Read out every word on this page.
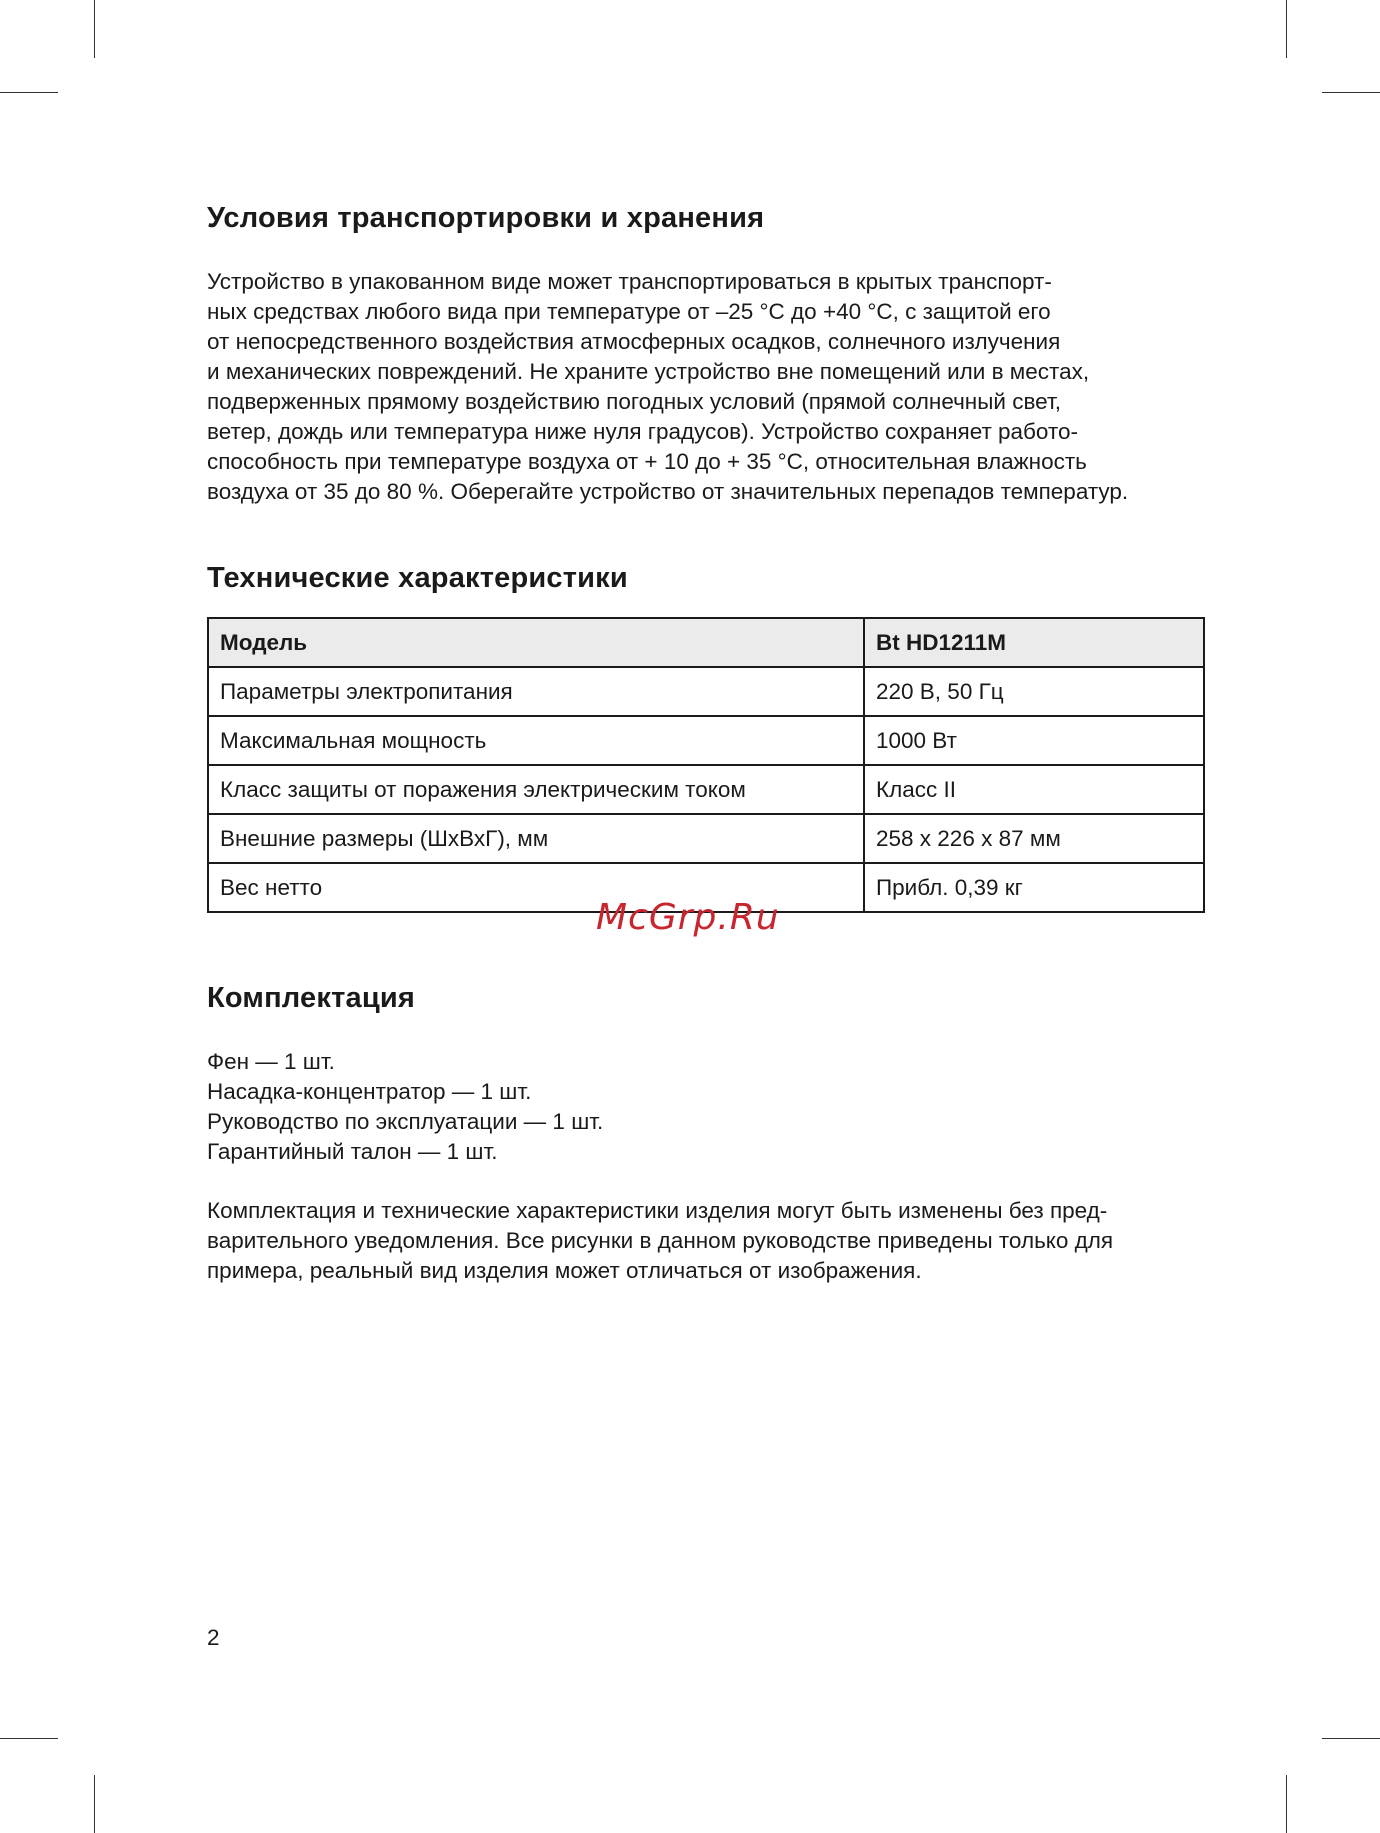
Условия транспортировки и хранения
Устройство в упакованном виде может транспортироваться в крытых транспорт-
ных средствах любого вида при температуре от –25 °C до +40 °C, с защитой его
от непосредственного воздействия атмосферных осадков, солнечного излучения
и механических повреждений. Не храните устройство вне помещений или в местах,
подверженных прямому воздействию погодных условий (прямой солнечный свет,
ветер, дождь или температура ниже нуля градусов). Устройство сохраняет работо-
способность при температуре воздуха от + 10 до + 35 °C, относительная влажность
воздуха от 35 до 80 %. Оберегайте устройство от значительных перепадов температур.
Технические характеристики
Модель	Bt HD1211M
Параметры электропитания	220 В, 50 Гц
Максимальная мощность	1000 Вт
Класс защиты от поражения электрическим током	Класс II
Внешние размеры (ШхВхГ), мм	258 x 226 x 87 мм
Вес нетто	Прибл. 0,39 кг
Комплектация
Фен — 1 шт.
Насадка-концентратор — 1 шт.
Руководство по эксплуатации — 1 шт.
Гарантийный талон — 1 шт.
Комплектация и технические характеристики изделия могут быть изменены без пред-
варительного уведомления. Все рисунки в данном руководстве приведены только для
примера, реальный вид изделия может отличаться от изображения.
McGrp.Ru
2
